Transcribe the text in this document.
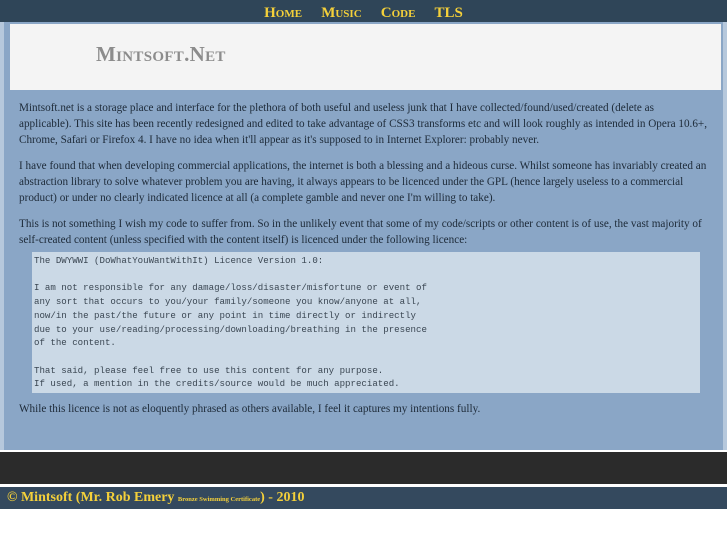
Home Music Code TLS
Mintsoft.Net

Mintsoft.net is a storage place and interface for the plethora of both useful and useless junk that I have collected/found/used/created (delete as applicable). This site has been recently redesigned and edited to take advantage of CSS3 transforms etc and will look roughly as intended in Opera 10.6+, Chrome, Safari or Firefox 4. I have no idea when it'll appear as it's supposed to in Internet Explorer: probably never.

I have found that when developing commercial applications, the internet is both a blessing and a hideous curse. Whilst someone has invariably created an abstraction library to solve whatever problem you are having, it always appears to be licenced under the GPL (hence largely useless to a commercial product) or under no clearly indicated licence at all (a complete gamble and never one I'm willing to take).

This is not something I wish my code to suffer from. So in the unlikely event that some of my code/scripts or other content is of use, the vast majority of self-created content (unless specified with the content itself) is licenced under the following licence:

The DWYWWI (DoWhatYouWantWithIt) Licence Version 1.0:

I am not responsible for any damage/loss/disaster/misfortune or event of
any sort that occurs to you/your family/someone you know/anyone at all,
now/in the past/the future or any point in time directly or indirectly
due to your use/reading/processing/downloading/breathing in the presence
of the content.

That said, please feel free to use this content for any purpose.
If used, a mention in the credits/source would be much appreciated.

While this licence is not as eloquently phrased as others available, I feel it captures my intentions fully.

© Mintsoft (Mr. Rob Emery Bronze Swimming Certificate) - 2010
